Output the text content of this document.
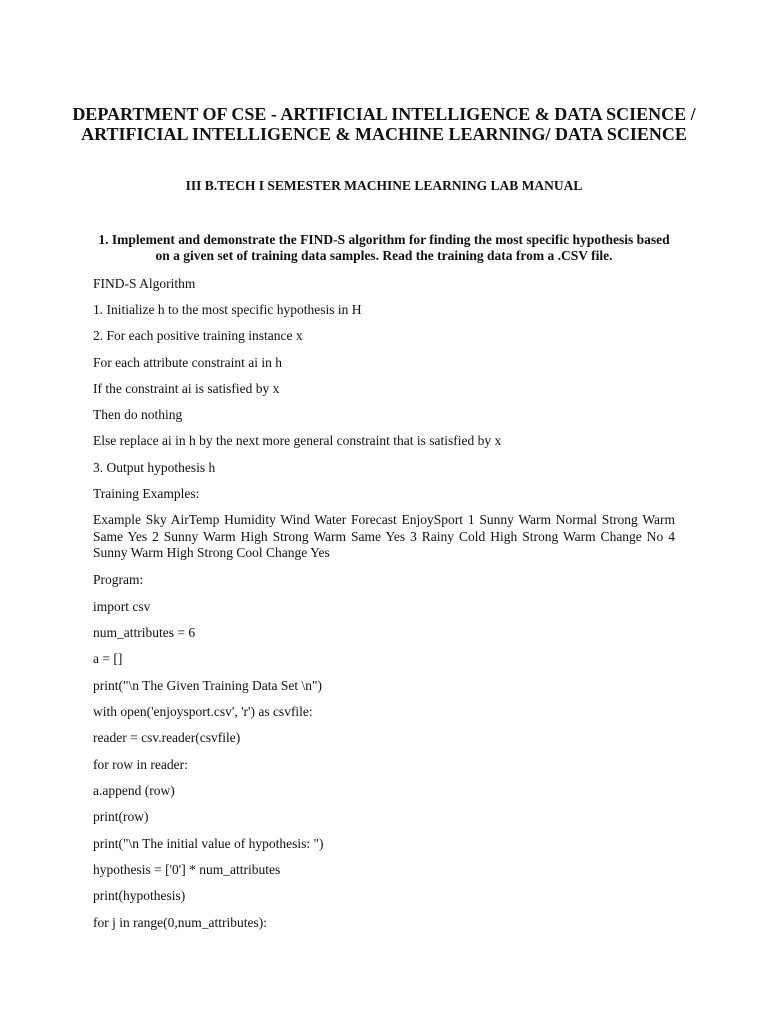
DEPARTMENT OF CSE - ARTIFICIAL INTELLIGENCE & DATA SCIENCE / ARTIFICIAL INTELLIGENCE & MACHINE LEARNING/ DATA SCIENCE

III B.TECH I SEMESTER MACHINE LEARNING LAB MANUAL

1. Implement and demonstrate the FIND-S algorithm for finding the most specific hypothesis based on a given set of training data samples. Read the training data from a .CSV file.

FIND-S Algorithm

1. Initialize h to the most specific hypothesis in H

2. For each positive training instance x

For each attribute constraint ai in h

If the constraint ai is satisfied by x

Then do nothing

Else replace ai in h by the next more general constraint that is satisfied by x

3. Output hypothesis h

Training Examples:

Example Sky AirTemp Humidity Wind Water Forecast EnjoySport 1 Sunny Warm Normal Strong Warm Same Yes 2 Sunny Warm High Strong Warm Same Yes 3 Rainy Cold High Strong Warm Change No 4 Sunny Warm High Strong Cool Change Yes

Program:

import csv

num_attributes = 6

a = []

print("\n The Given Training Data Set \n")

with open('enjoysport.csv', 'r') as csvfile:

reader = csv.reader(csvfile)

for row in reader:

a.append (row)

print(row)

print("\n The initial value of hypothesis: ")

hypothesis = ['0'] * num_attributes

print(hypothesis)

for j in range(0,num_attributes):
